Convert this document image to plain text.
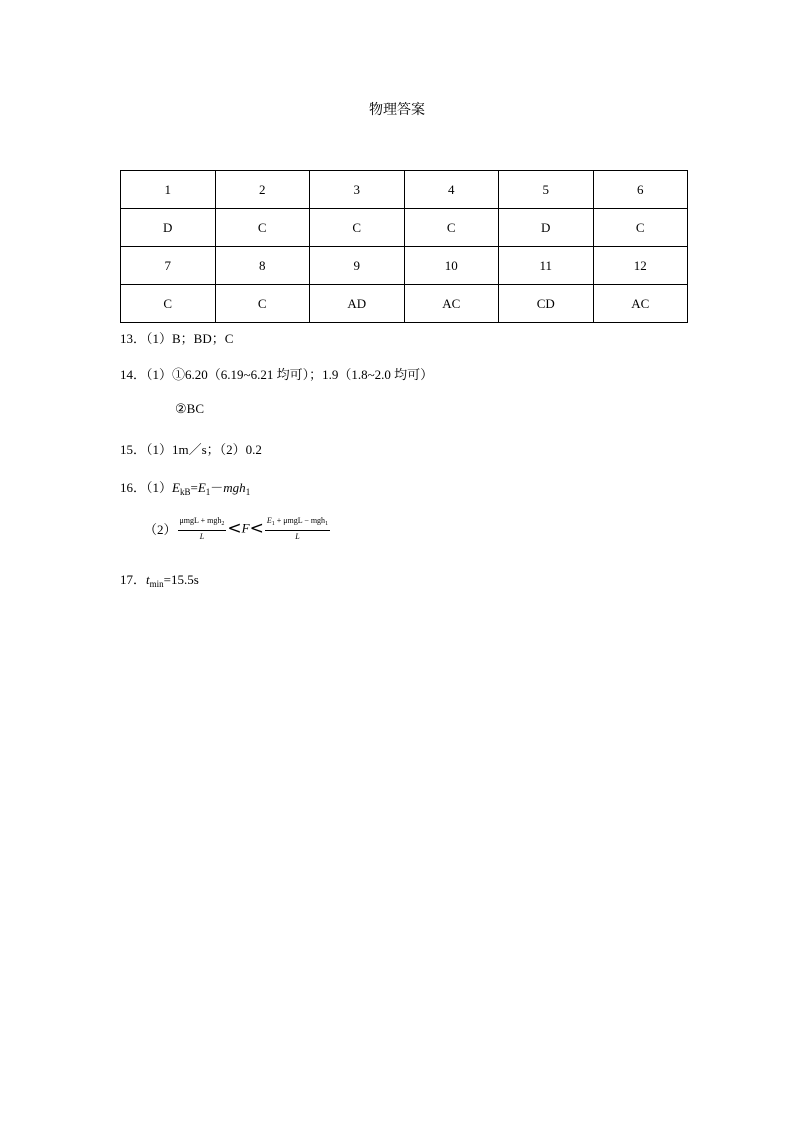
物理答案
1	2	3	4	5	6
D	C	C	C	D	C
7	8	9	10	11	12
C	C	AD	AC	CD	AC
13．（1）B；BD；C
14．（1）①6.20（6.19~6.21 均可）；1.9（1.8~2.0 均可）
②BC
15．（1）1m／s；（2）0.2
16．$(1)E_{kB}=E_1-mgh_1$
$(2) \frac{\mu mgL + mgh_2}{L} <F< \frac{E_1 + \mu mgL - mgh_1}{L}$
17．$t_{min}=15.5s$
